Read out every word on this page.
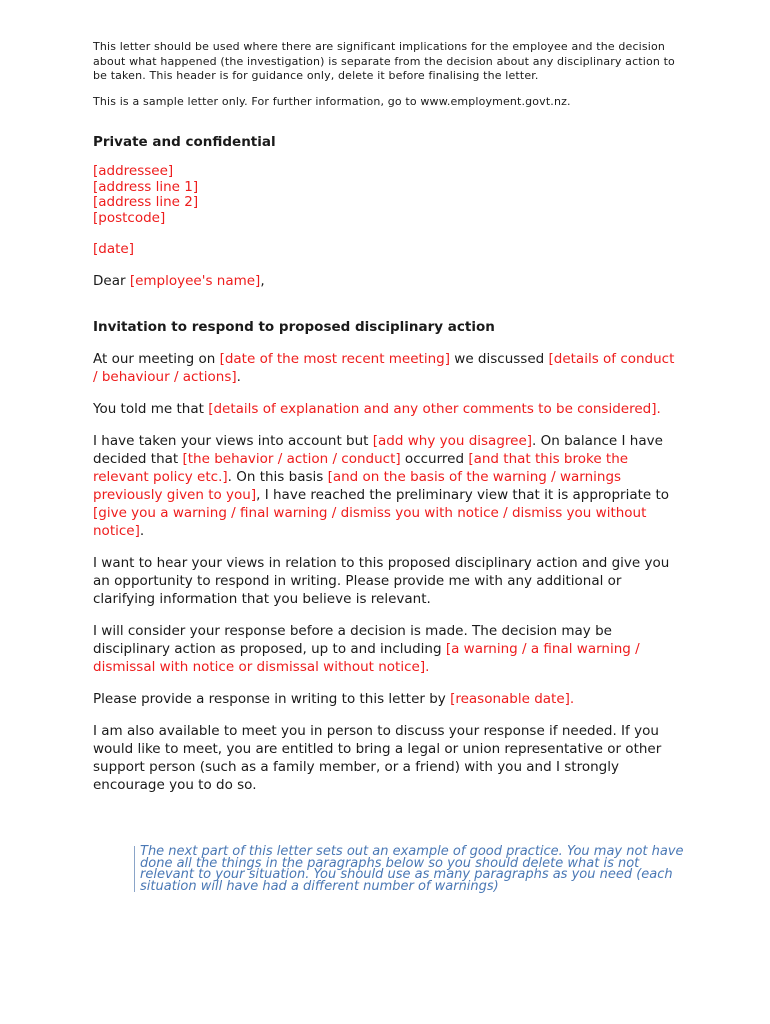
This letter should be used where there are significant implications for the employee and the decision about what happened (the investigation) is separate from the decision about any disciplinary action to be taken. This header is for guidance only, delete it before finalising the letter.

This is a sample letter only. For further information, go to www.employment.govt.nz.

Private and confidential

[addressee]

[address line 1]

[address line 2]

[postcode]

[date]

Dear [employee's name],

Invitation to respond to proposed disciplinary action

At our meeting on [date of the most recent meeting] we discussed [details of conduct / behaviour / actions].

You told me that [details of explanation and any other comments to be considered].

I have taken your views into account but [add why you disagree]. On balance I have decided that [the behavior / action / conduct] occurred [and that this broke the relevant policy etc.]. On this basis [and on the basis of the warning / warnings previously given to you], I have reached the preliminary view that it is appropriate to [give you a warning / final warning / dismiss you with notice / dismiss you without notice].

I want to hear your views in relation to this proposed disciplinary action and give you an opportunity to respond in writing. Please provide me with any additional or clarifying information that you believe is relevant.

I will consider your response before a decision is made. The decision may be disciplinary action as proposed, up to and including [a warning / a final warning / dismissal with notice or dismissal without notice].

Please provide a response in writing to this letter by [reasonable date].

I am also available to meet you in person to discuss your response if needed. If you would like to meet, you are entitled to bring a legal or union representative or other support person (such as a family member, or a friend) with you and I strongly encourage you to do so.

The next part of this letter sets out an example of good practice. You may not have done all the things in the paragraphs below so you should delete what is not relevant to your situation. You should use as many paragraphs as you need (each situation will have had a different number of warnings)
